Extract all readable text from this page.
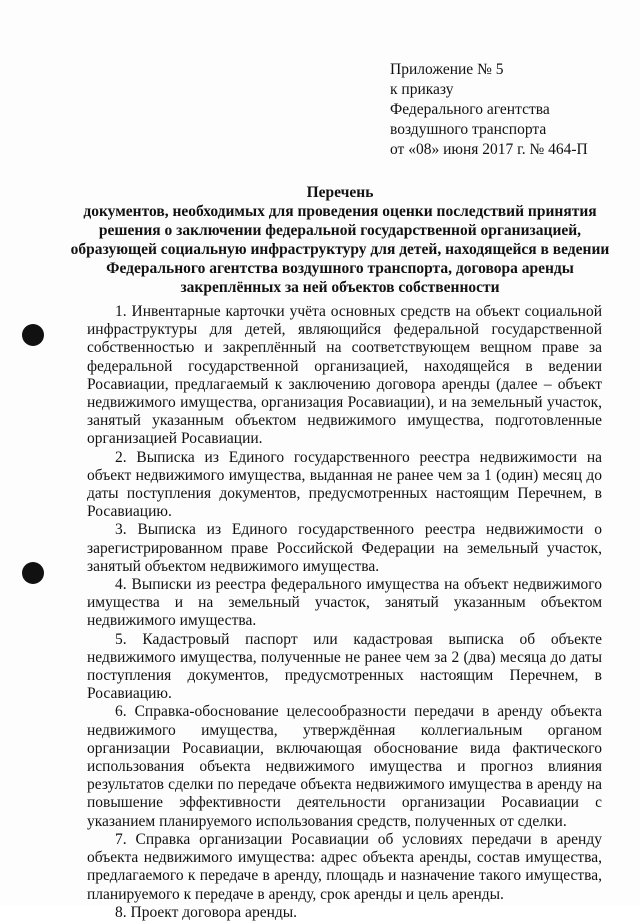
Приложение № 5
к приказу
Федерального агентства
воздушного транспорта
от «08» июня 2017 г. № 464-П
Перечень
документов, необходимых для проведения оценки последствий принятия
решения о заключении федеральной государственной организацией,
образующей социальную инфраструктуру для детей, находящейся в ведении
Федерального агентства воздушного транспорта, договора аренды
закреплённых за ней объектов собственности

1. Инвентарные карточки учёта основных средств на объект социальной инфраструктуры для детей, являющийся федеральной государственной собственностью и закреплённый на соответствующем вещном праве за федеральной государственной организацией, находящейся в ведении Росавиации, предлагаемый к заключению договора аренды (далее – объект недвижимого имущества, организация Росавиации), и на земельный участок, занятый указанным объектом недвижимого имущества, подготовленные организацией Росавиации.

2. Выписка из Единого государственного реестра недвижимости на объект недвижимого имущества, выданная не ранее чем за 1 (один) месяц до даты поступления документов, предусмотренных настоящим Перечнем, в Росавиацию.

3. Выписка из Единого государственного реестра недвижимости о зарегистрированном праве Российской Федерации на земельный участок, занятый объектом недвижимого имущества.

4. Выписки из реестра федерального имущества на объект недвижимого имущества и на земельный участок, занятый указанным объектом недвижимого имущества.

5. Кадастровый паспорт или кадастровая выписка об объекте недвижимого имущества, полученные не ранее чем за 2 (два) месяца до даты поступления документов, предусмотренных настоящим Перечнем, в Росавиацию.

6. Справка-обоснование целесообразности передачи в аренду объекта недвижимого имущества, утверждённая коллегиальным органом организации Росавиации, включающая обоснование вида фактического использования объекта недвижимого имущества и прогноз влияния результатов сделки по передаче объекта недвижимого имущества в аренду на повышение эффективности деятельности организации Росавиации с указанием планируемого использования средств, полученных от сделки.

7. Справка организации Росавиации об условиях передачи в аренду объекта недвижимого имущества: адрес объекта аренды, состав имущества, предлагаемого к передаче в аренду, площадь и назначение такого имущества, планируемого к передаче в аренду, срок аренды и цель аренды.

8. Проект договора аренды.
